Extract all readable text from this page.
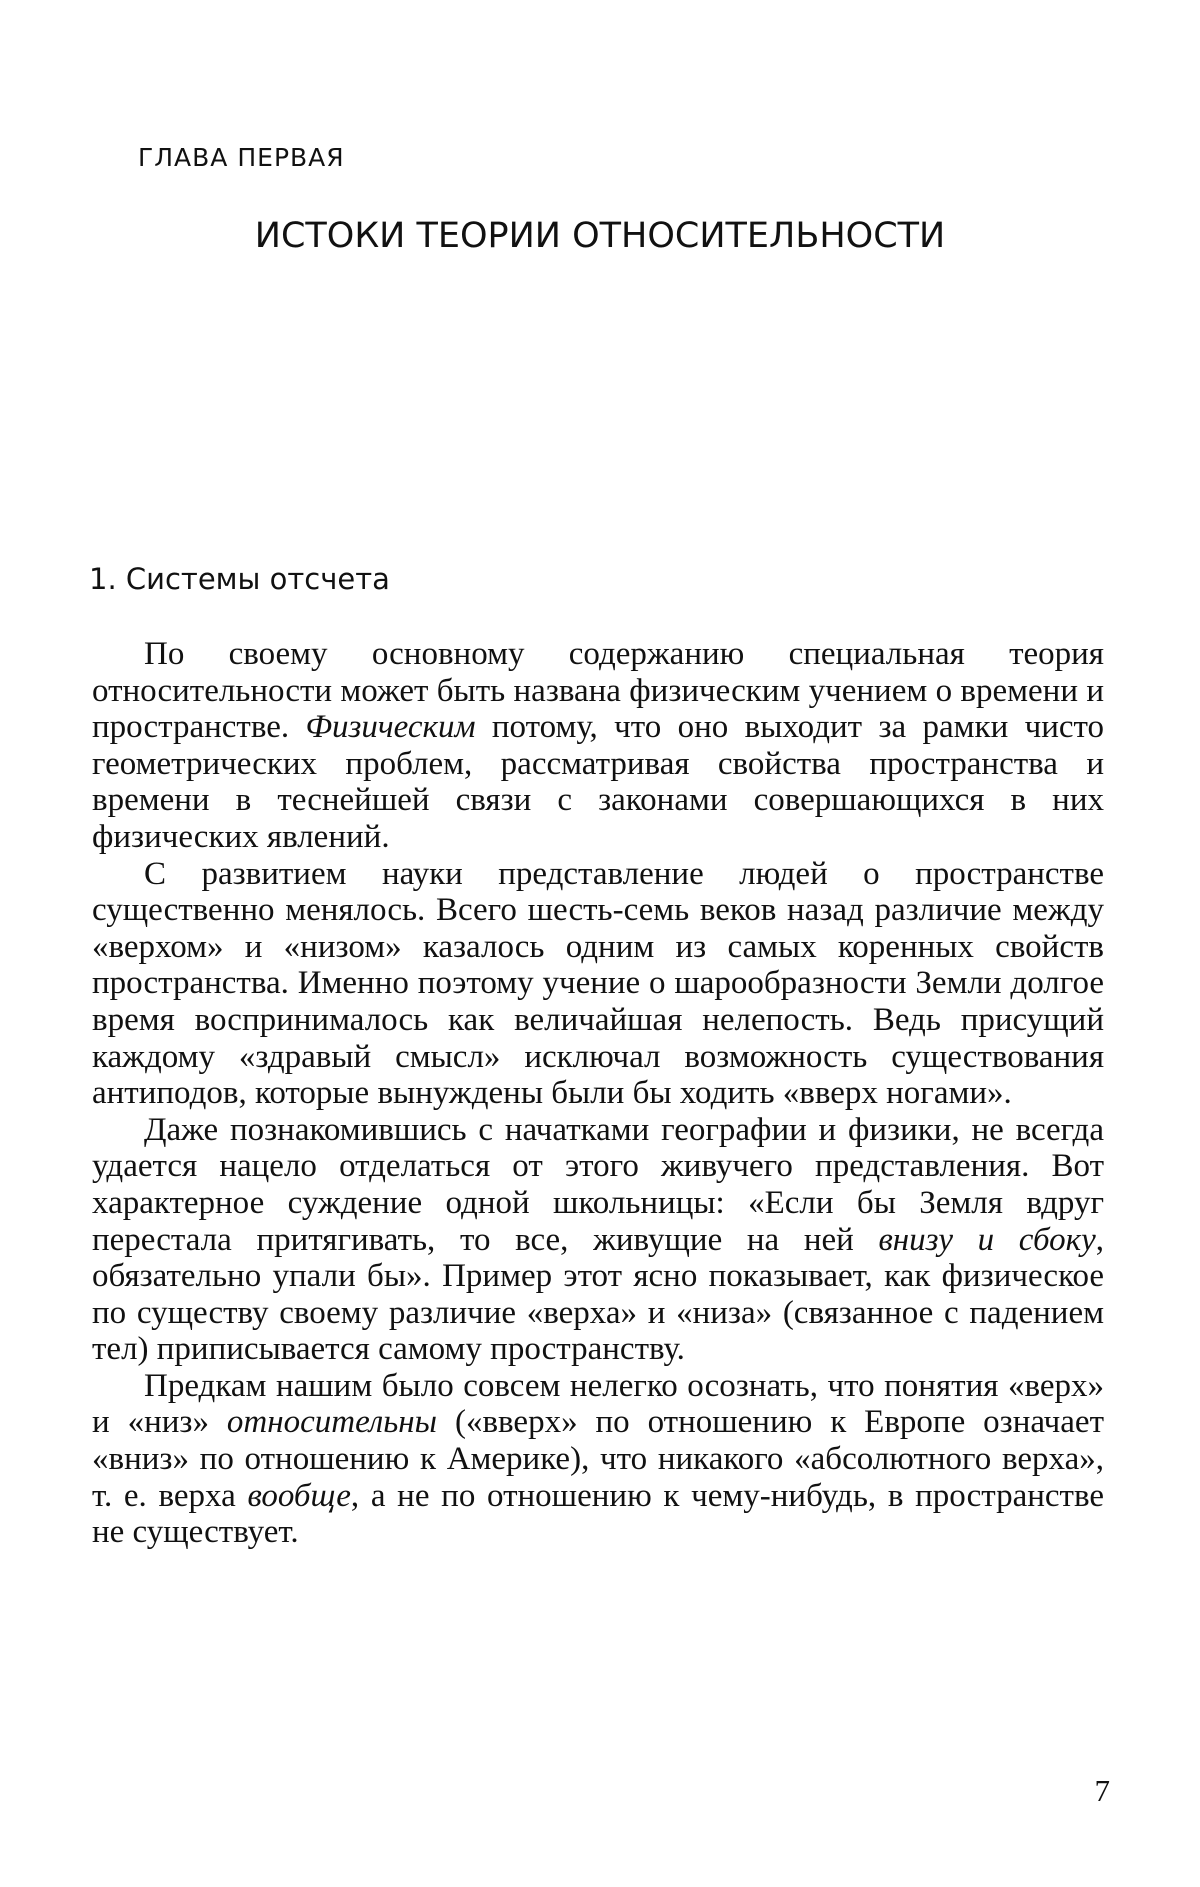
ГЛАВА ПЕРВАЯ
ИСТОКИ ТЕОРИИ ОТНОСИТЕЛЬНОСТИ
1. Системы отсчета

По своему основному содержанию специальная теория относительности может быть названа физическим учением о времени и пространстве. Физическим потому, что оно выходит за рамки чисто геометрических проблем, рассматривая свойства пространства и времени в теснейшей связи с законами совершающихся в них физических явлений.

С развитием науки представление людей о пространстве существенно менялось. Всего шесть-семь веков назад различие между «верхом» и «низом» казалось одним из самых коренных свойств пространства. Именно поэтому учение о шарообразности Земли долгое время воспринималось как величайшая нелепость. Ведь присущий каждому «здравый смысл» исключал возможность существования антиподов, которые вынуждены были бы ходить «вверх ногами».

Даже познакомившись с начатками географии и физики, не всегда удается нацело отделаться от этого живучего представления. Вот характерное суждение одной школьницы: «Если бы Земля вдруг перестала притягивать, то все, живущие на ней внизу и сбоку, обязательно упали бы». Пример этот ясно показывает, как физическое по существу своему различие «верха» и «низа» (связанное с падением тел) приписывается самому пространству.

Предкам нашим было совсем нелегко осознать, что понятия «верх» и «низ» относительны («вверх» по отношению к Европе означает «вниз» по отношению к Америке), что никакого «абсолютного верха», т. е. верха вообще, а не по отношению к чему-нибудь, в пространстве не существует.

7
